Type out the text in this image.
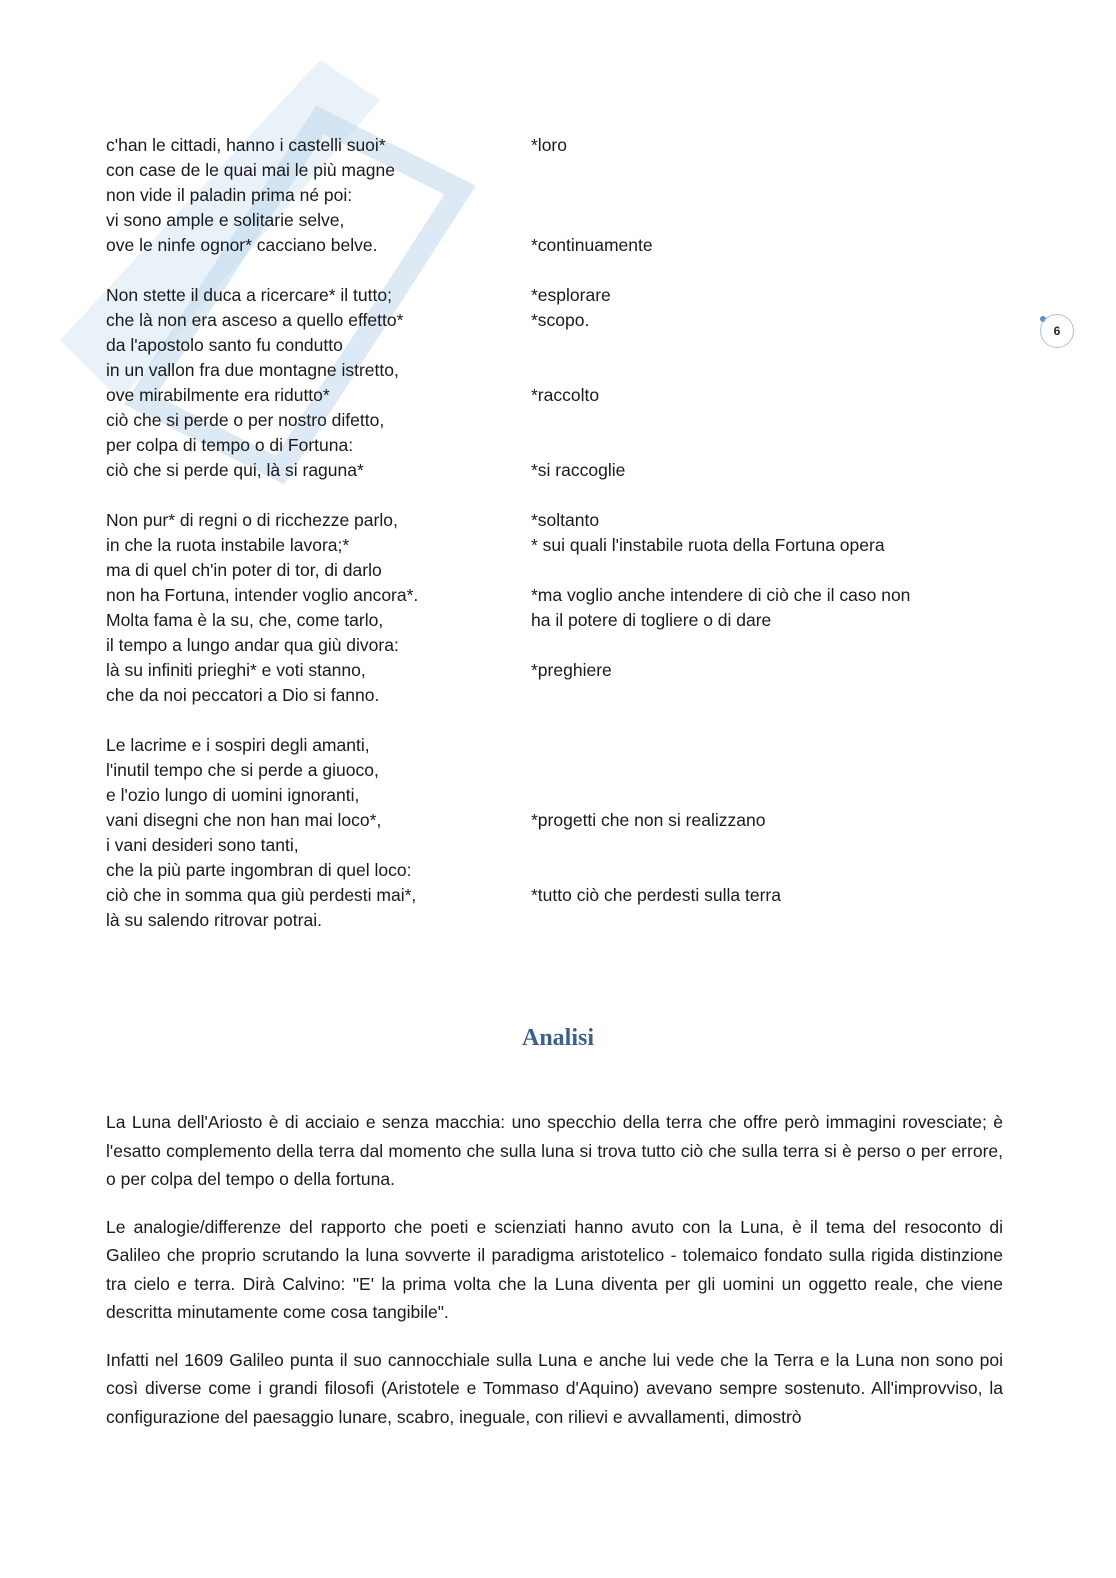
6
c'han le cittadi, hanno i castelli suoi*	*loro
con case de le quai mai le più magne
non vide il paladin prima né poi:
vi sono ample e solitarie selve,
ove le ninfe ognor* cacciano belve.	*continuamente
Non stette il duca a ricercare* il tutto;	*esplorare
che là non era asceso a quello effetto*	*scopo.
da l'apostolo santo fu condutto
in un vallon fra due montagne istretto,
ove mirabilmente era ridutto*	*raccolto
ciò che si perde o per nostro difetto,
per colpa di tempo o di Fortuna:
ciò che si perde qui, là si raguna*	*si raccoglie
Non pur* di regni o di ricchezze parlo,	*soltanto
in che la ruota instabile lavora;*	* sui quali l'instabile ruota della Fortuna opera
ma di quel ch'in poter di tor, di darlo
non ha Fortuna, intender voglio ancora*.	*ma voglio anche intendere di ciò che il caso non
Molta fama è la su, che, come tarlo,	ha il potere di togliere o di dare
il tempo a lungo andar qua giù divora:
là su infiniti prieghi* e voti stanno,	*preghiere
che da noi peccatori a Dio si fanno.
Le lacrime e i sospiri degli amanti,
l'inutil tempo che si perde a giuoco,
e l'ozio lungo di uomini ignoranti,
vani disegni che non han mai loco*,	*progetti che non si realizzano
i vani desideri sono tanti,
che la più parte ingombran di quel loco:
ciò che in somma qua giù perdesti mai*,	*tutto ciò che perdesti sulla terra
là su salendo ritrovar potrai.
Analisi

La Luna dell'Ariosto è di acciaio e senza macchia: uno specchio della terra che offre però immagini rovesciate; è l'esatto complemento della terra dal momento che sulla luna si trova tutto ciò che sulla terra si è perso o per errore, o per colpa del tempo o della fortuna.

Le analogie/differenze del rapporto che poeti e scienziati hanno avuto con la Luna, è il tema del resoconto di Galileo che proprio scrutando la luna sovverte il paradigma aristotelico - tolemaico fondato sulla rigida distinzione tra cielo e terra. Dirà Calvino: "E' la prima volta che la Luna diventa per gli uomini un oggetto reale, che viene descritta minutamente come cosa tangibile".

Infatti nel 1609 Galileo punta il suo cannocchiale sulla Luna e anche lui vede che la Terra e la Luna non sono poi così diverse come i grandi filosofi (Aristotele e Tommaso d'Aquino) avevano sempre sostenuto. All'improvviso, la configurazione del paesaggio lunare, scabro, ineguale, con rilievi e avvallamenti, dimostrò
